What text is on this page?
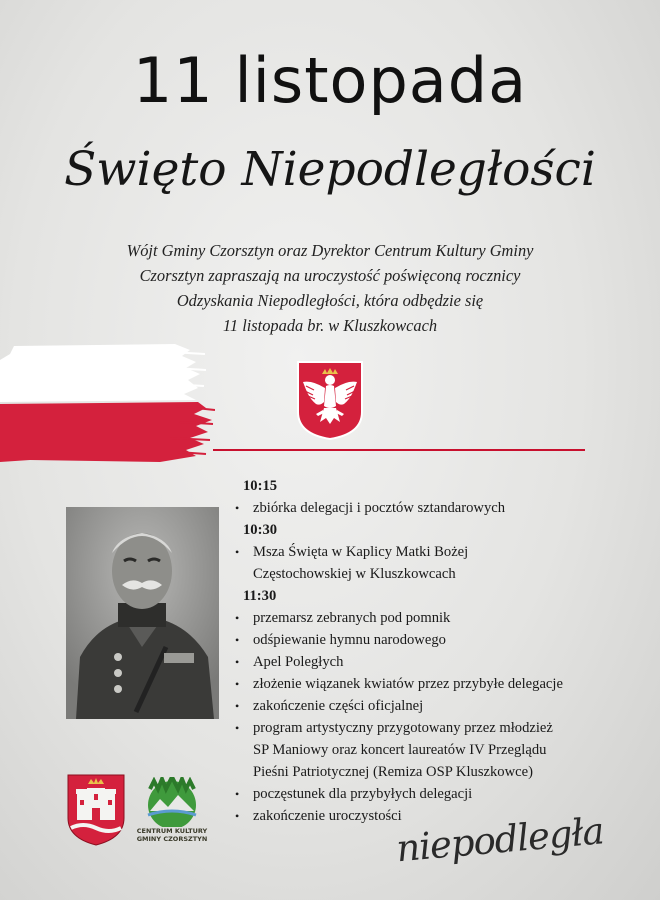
11 listopada
Święto Niepodległości
Wójt Gminy Czorsztyn oraz Dyrektor Centrum Kultury Gminy
Czorsztyn zapraszają na uroczystość poświęconą rocznicy
Odzyskania Niepodległości, która odbędzie się
11 listopada br. w Kluszkowcach
10:15
• zbiórka delegacji i pocztów sztandarowych
10:30
• Msza Święta w Kaplicy Matki Bożej
Częstochowskiej w Kluszkowcach
11:30
• przemarsz zebranych pod pomnik
• odśpiewanie hymnu narodowego
• Apel Poległych
• złożenie wiązanek kwiatów przez przybyłe delegacje
• zakończenie części oficjalnej
• program artystyczny przygotowany przez młodzież
SP Maniowy oraz koncert laureatów IV Przeglądu
Pieśni Patriotycznej (Remiza OSP Kluszkowce)
• poczęstunek dla przybyłych delegacji
• zakończenie uroczystości
CENTRUM KULTURY
GMINY CZORSZTYN	niepodległa
